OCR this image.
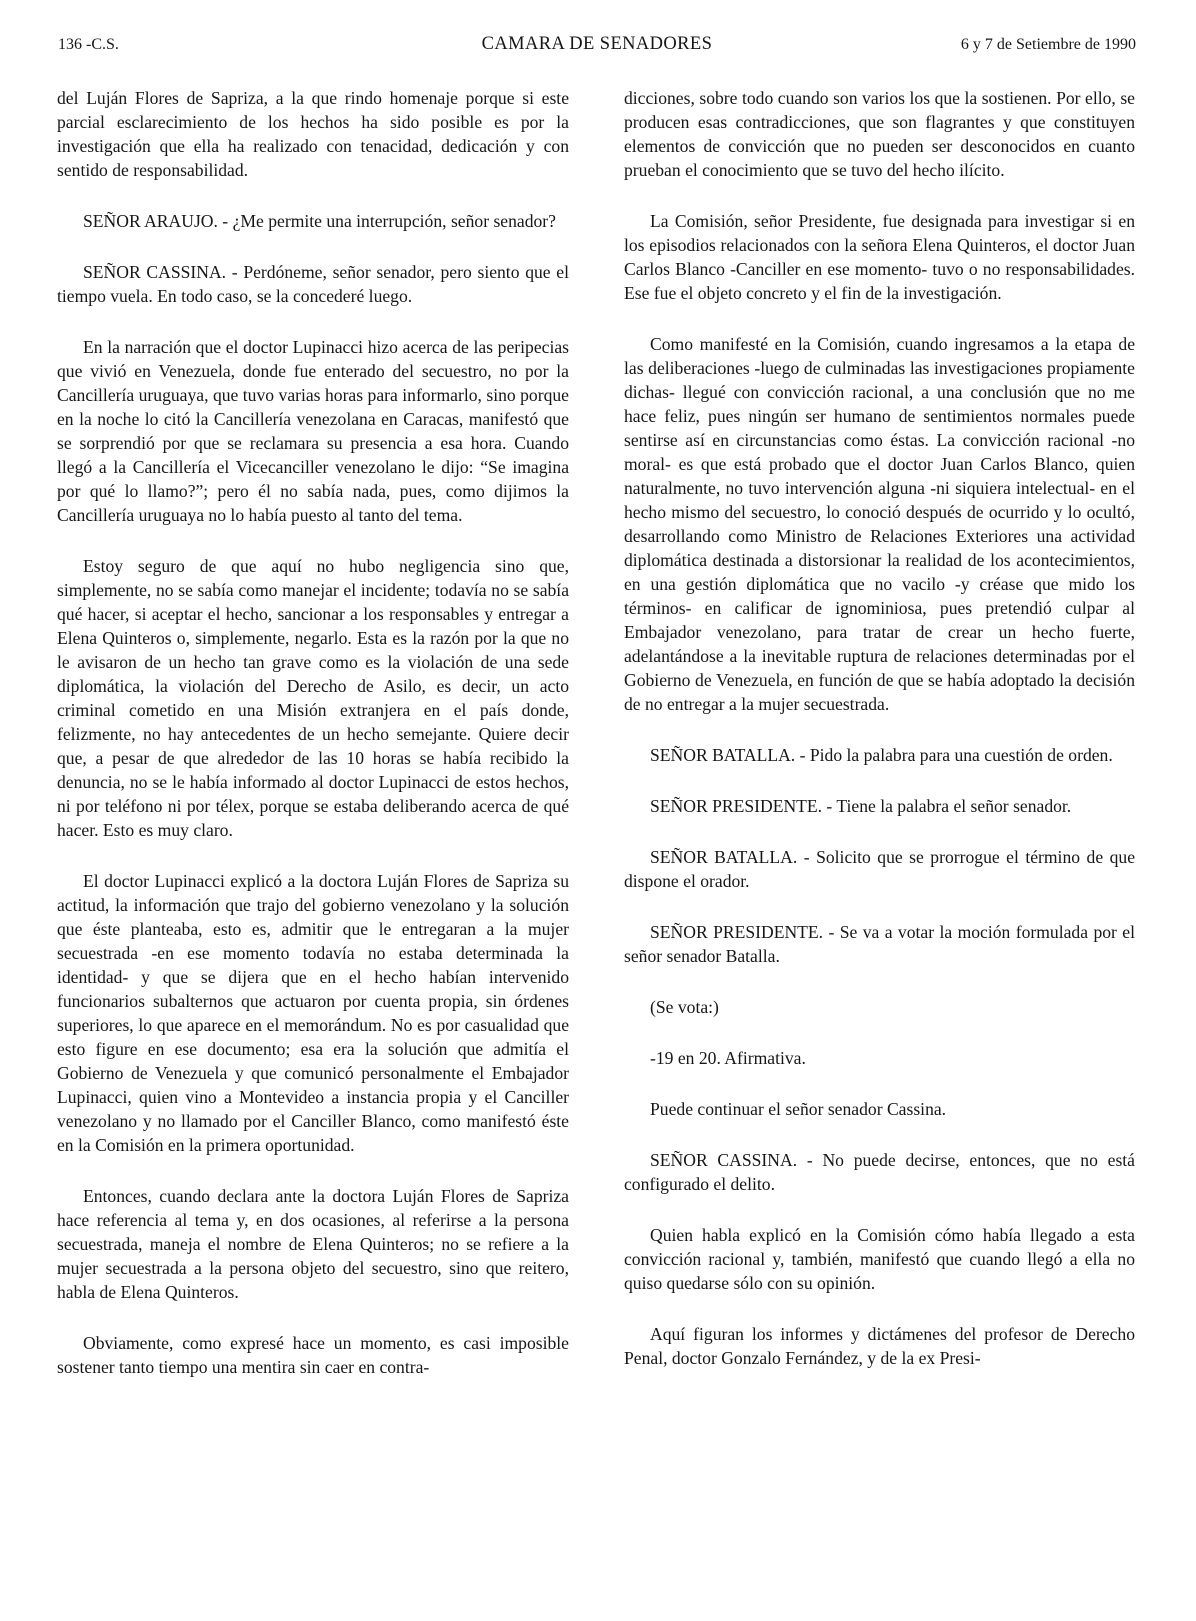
136 -C.S.	CAMARA DE SENADORES	6 y 7 de Setiembre de 1990

del Luján Flores de Sapriza, a la que rindo homenaje porque si este parcial esclarecimiento de los hechos ha sido posible es por la investigación que ella ha realizado con tenacidad, dedicación y con sentido de responsabilidad.

SEÑOR ARAUJO. - ¿Me permite una interrupción, señor senador?

SEÑOR CASSINA. - Perdóneme, señor senador, pero siento que el tiempo vuela. En todo caso, se la concederé luego.

En la narración que el doctor Lupinacci hizo acerca de las peripecias que vivió en Venezuela, donde fue enterado del secuestro, no por la Cancillería uruguaya, que tuvo varias horas para informarlo, sino porque en la noche lo citó la Cancillería venezolana en Caracas, manifestó que se sorprendió por que se reclamara su presencia a esa hora. Cuando llegó a la Cancillería el Vicecanciller venezolano le dijo: “Se imagina por qué lo llamo?”; pero él no sabía nada, pues, como dijimos la Cancillería uruguaya no lo había puesto al tanto del tema.

Estoy seguro de que aquí no hubo negligencia sino que, simplemente, no se sabía como manejar el incidente; todavía no se sabía qué hacer, si aceptar el hecho, sancionar a los responsables y entregar a Elena Quinteros o, simplemente, negarlo. Esta es la razón por la que no le avisaron de un hecho tan grave como es la violación de una sede diplomática, la violación del Derecho de Asilo, es decir, un acto criminal cometido en una Misión extranjera en el país donde, felizmente, no hay antecedentes de un hecho semejante. Quiere decir que, a pesar de que alrededor de las 10 horas se había recibido la denuncia, no se le había informado al doctor Lupinacci de estos hechos, ni por teléfono ni por télex, porque se estaba deliberando acerca de qué hacer. Esto es muy claro.

El doctor Lupinacci explicó a la doctora Luján Flores de Sapriza su actitud, la información que trajo del gobierno venezolano y la solución que éste planteaba, esto es, admitir que le entregaran a la mujer secuestrada -en ese momento todavía no estaba determinada la identidad- y que se dijera que en el hecho habían intervenido funcionarios subalternos que actuaron por cuenta propia, sin órdenes superiores, lo que aparece en el memorándum. No es por casualidad que esto figure en ese documento; esa era la solución que admitía el Gobierno de Venezuela y que comunicó personalmente el Embajador Lupinacci, quien vino a Montevideo a instancia propia y el Canciller venezolano y no llamado por el Canciller Blanco, como manifestó éste en la Comisión en la primera oportunidad.

Entonces, cuando declara ante la doctora Luján Flores de Sapriza hace referencia al tema y, en dos ocasiones, al referirse a la persona secuestrada, maneja el nombre de Elena Quinteros; no se refiere a la mujer secuestrada a la persona objeto del secuestro, sino que reitero, habla de Elena Quinteros.

Obviamente, como expresé hace un momento, es casi imposible sostener tanto tiempo una mentira sin caer en contra-

dicciones, sobre todo cuando son varios los que la sostienen. Por ello, se producen esas contradicciones, que son flagrantes y que constituyen elementos de convicción que no pueden ser desconocidos en cuanto prueban el conocimiento que se tuvo del hecho ilícito.

La Comisión, señor Presidente, fue designada para investigar si en los episodios relacionados con la señora Elena Quinteros, el doctor Juan Carlos Blanco -Canciller en ese momento- tuvo o no responsabilidades. Ese fue el objeto concreto y el fin de la investigación.

Como manifesté en la Comisión, cuando ingresamos a la etapa de las deliberaciones -luego de culminadas las investigaciones propiamente dichas- llegué con convicción racional, a una conclusión que no me hace feliz, pues ningún ser humano de sentimientos normales puede sentirse así en circunstancias como éstas. La convicción racional -no moral- es que está probado que el doctor Juan Carlos Blanco, quien naturalmente, no tuvo intervención alguna -ni siquiera intelectual- en el hecho mismo del secuestro, lo conoció después de ocurrido y lo ocultó, desarrollando como Ministro de Relaciones Exteriores una actividad diplomática destinada a distorsionar la realidad de los acontecimientos, en una gestión diplomática que no vacilo -y créase que mido los términos- en calificar de ignominiosa, pues pretendió culpar al Embajador venezolano, para tratar de crear un hecho fuerte, adelantándose a la inevitable ruptura de relaciones determinadas por el Gobierno de Venezuela, en función de que se había adoptado la decisión de no entregar a la mujer secuestrada.

SEÑOR BATALLA. - Pido la palabra para una cuestión de orden.

SEÑOR PRESIDENTE. - Tiene la palabra el señor senador.

SEÑOR BATALLA. - Solicito que se prorrogue el término de que dispone el orador.

SEÑOR PRESIDENTE. - Se va a votar la moción formulada por el señor senador Batalla.

(Se vota:)

-19 en 20. Afirmativa.

Puede continuar el señor senador Cassina.

SEÑOR CASSINA. - No puede decirse, entonces, que no está configurado el delito.

Quien habla explicó en la Comisión cómo había llegado a esta convicción racional y, también, manifestó que cuando llegó a ella no quiso quedarse sólo con su opinión.

Aquí figuran los informes y dictámenes del profesor de Derecho Penal, doctor Gonzalo Fernández, y de la ex Presi-
